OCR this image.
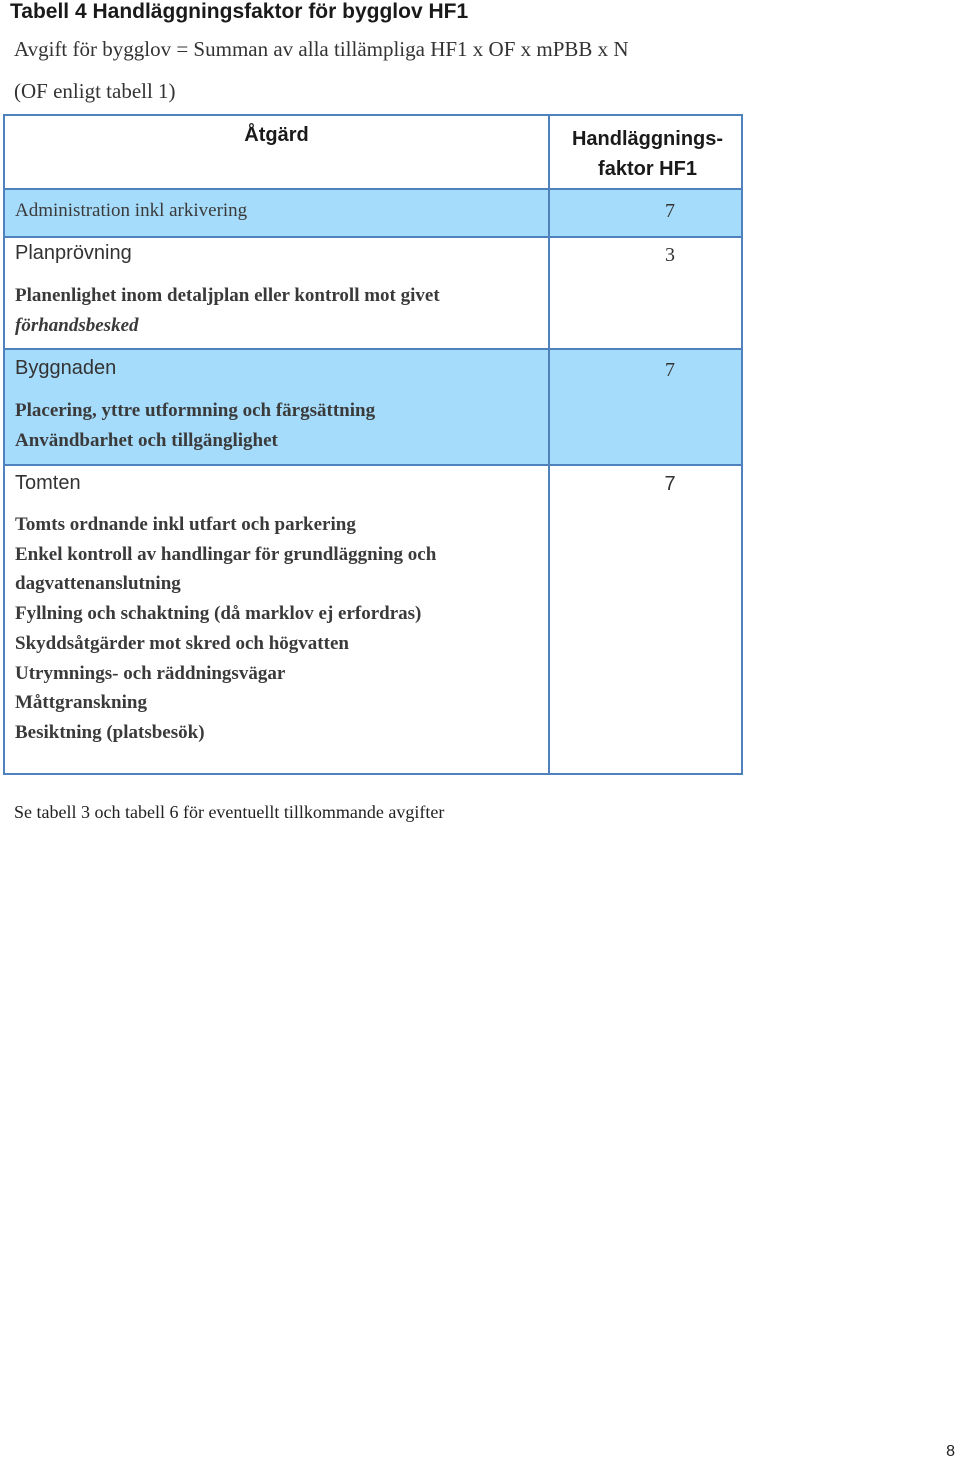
Tabell 4 Handläggningsfaktor för bygglov HF1
Avgift för bygglov = Summan av alla tillämpliga HF1 x OF x mPBB x N
(OF enligt tabell 1)
Åtgärd	Handläggnings-
faktor HF1
Administration inkl arkivering	7
Planprövning	3
Planenlighet inom detaljplan eller kontroll mot givet
förhandsbesked
Byggnaden	7
Placering, yttre utformning och färgsättning
Användbarhet och tillgänglighet
Tomten	7
Tomts ordnande inkl utfart och parkering
Enkel kontroll av handlingar för grundläggning och
dagvattenanslutning
Fyllning och schaktning (då marklov ej erfordras)
Skyddsåtgärder mot skred och högvatten
Utrymnings- och räddningsvägar
Måttgranskning
Besiktning (platsbesök)
Se tabell 3 och tabell 6 för eventuellt tillkommande avgifter
8
